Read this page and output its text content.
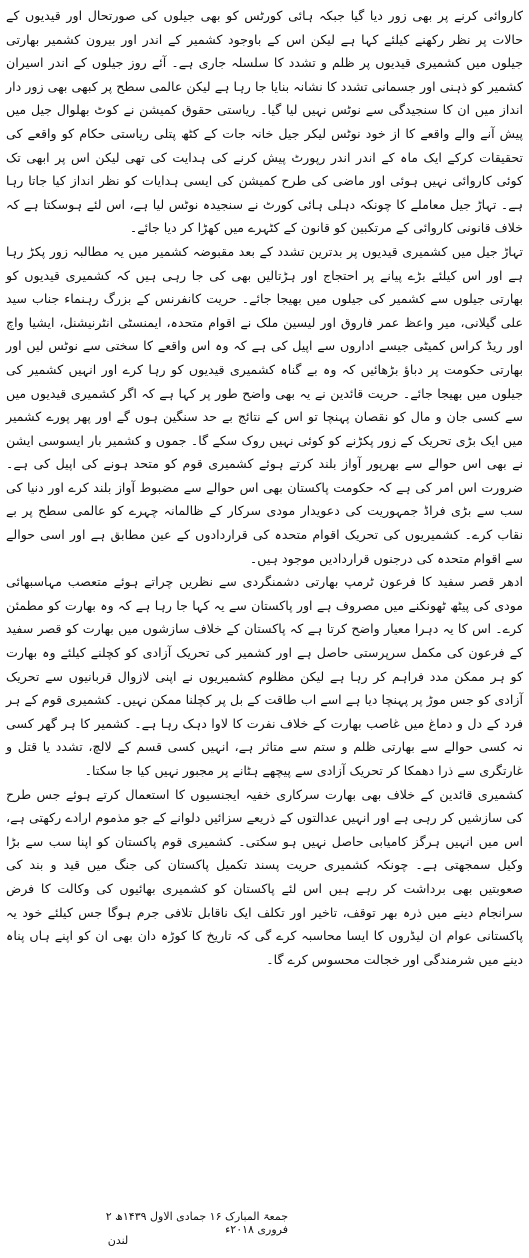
کاروائی کرنے پر بھی زور دیا گیا جبکہ ہائی کورٹس کو بھی جیلوں کی صورتحال اور قیدیوں کے حالات پر نظر رکھنے کیلئے کہا ہے لیکن اس کے باوجود کشمیر کے اندر اور بیرون کشمیر بھارتی جیلوں میں کشمیری قیدیوں پر ظلم و تشدد کا سلسلہ جاری ہے۔ آئے روز جیلوں کے اندر اسیران کشمیر کو ذہنی اور جسمانی تشدد کا نشانہ بنایا جا رہا ہے لیکن عالمی سطح پر کبھی بھی زور دار انداز میں ان کا سنجیدگی سے نوٹس نہیں لیا گیا۔ ریاستی حقوق کمیشن نے کوٹ بھلوال جیل میں پیش آنے والے واقعے کا از خود نوٹس لیکر جیل خانہ جات کے کٹھ پتلی ریاستی حکام کو واقعے کی تحقیقات کرکے ایک ماہ کے اندر اندر رپورٹ پیش کرنے کی ہدایت کی تھی لیکن اس پر ابھی تک کوئی کاروائی نہیں ہوئی اور ماضی کی طرح کمیشن کی ایسی ہدایات کو نظر انداز کیا جاتا رہا ہے۔ تہاڑ جیل معاملے کا چونکہ دہلی ہائی کورٹ نے سنجیدہ نوٹس لیا ہے، اس لئے ہوسکتا ہے کہ خلاف قانونی کاروائی کے مرتکبین کو قانون کے کٹہرے میں کھڑا کر دیا جائے۔

تہاڑ جیل میں کشمیری قیدیوں پر بدترین تشدد کے بعد مقبوضہ کشمیر میں یہ مطالبہ زور پکڑ رہا ہے اور اس کیلئے بڑے پیانے پر احتجاج اور ہڑتالیں بھی کی جا رہی ہیں کہ کشمیری قیدیوں کو بھارتی جیلوں سے کشمیر کی جیلوں میں بھیجا جائے۔ حریت کانفرنس کے بزرگ رہنماء جناب سید علی گیلانی، میر واعظ عمر فاروق اور لیسین ملک نے اقوام متحدہ، ایمنسٹی انٹرنیشنل، ایشیا واچ اور ریڈ کراس کمیٹی جیسے اداروں سے اپیل کی ہے کہ وہ اس واقعے کا سختی سے نوٹس لیں اور بھارتی حکومت پر دباؤ بڑھائیں کہ وہ بے گناہ کشمیری قیدیوں کو رہا کرے اور انہیں کشمیر کی جیلوں میں بھیجا جائے۔ حریت قائدین نے یہ بھی واضح طور پر کہا ہے کہ اگر کشمیری قیدیوں میں سے کسی جان و مال کو نقصان پہنچا تو اس کے نتائج بے حد سنگین ہوں گے اور پھر پورے کشمیر میں ایک بڑی تحریک کے زور پکڑنے کو کوئی نہیں روک سکے گا۔ جموں و کشمیر بار ایسوسی ایشن نے بھی اس حوالے سے بھرپور آواز بلند کرتے ہوئے کشمیری قوم کو متحد ہونے کی اپیل کی ہے۔ ضرورت اس امر کی ہے کہ حکومت پاکستان بھی اس حوالے سے مضبوط آواز بلند کرے اور دنیا کی سب سے بڑی فراڈ جمہوریت کی دعویدار مودی سرکار کے ظالمانہ چہرے کو عالمی سطح پر بے نقاب کرے۔ کشمیریوں کی تحریک اقوام متحدہ کی قراردادوں کے عین مطابق ہے اور اسی حوالے سے اقوام متحدہ کی درجنوں قراردادیں موجود ہیں۔

ادھر قصر سفید کا فرعون ٹرمپ بھارتی دشمنگردی سے نظریں چراتے ہوئے متعصب مہاسبھائی مودی کی پیٹھ ٹھونکنے میں مصروف ہے اور پاکستان سے یہ کہا جا رہا ہے کہ وہ بھارت کو مطمئن کرے۔ اس کا یہ دہرا معیار واضح کرتا ہے کہ پاکستان کے خلاف سازشوں میں بھارت کو قصر سفید کے فرعون کی مکمل سرپرستی حاصل ہے اور کشمیر کی تحریک آزادی کو کچلنے کیلئے وہ بھارت کو ہر ممکن مدد فراہم کر رہا ہے لیکن مظلوم کشمیریوں نے اپنی لازوال قربانیوں سے تحریک آزادی کو جس موڑ پر پہنچا دیا ہے اسے اب طاقت کے بل پر کچلنا ممکن نہیں۔ کشمیری قوم کے ہر فرد کے دل و دماغ میں غاصب بھارت کے خلاف نفرت کا لاوا دہک رہا ہے۔ کشمیر کا ہر گھر کسی نہ کسی حوالے سے بھارتی ظلم و ستم سے متاثر ہے، انہیں کسی قسم کے لالچ، تشدد یا قتل و غارتگری سے ذرا دھمکا کر تحریک آزادی سے پیچھے ہٹانے پر مجبور نہیں کیا جا سکتا۔

کشمیری قائدین کے خلاف بھی بھارت سرکاری خفیہ ایجنسیوں کا استعمال کرتے ہوئے جس طرح کی سازشیں کر رہی ہے اور انہیں عدالتوں کے ذریعے سزائیں دلوانے کے جو مذموم ارادے رکھتی ہے، اس میں انہیں ہرگز کامیابی حاصل نہیں ہو سکتی۔ کشمیری قوم پاکستان کو اپنا سب سے بڑا وکیل سمجھتی ہے۔ چونکہ کشمیری حریت پسند تکمیل پاکستان کی جنگ میں قید و بند کی صعوبتیں بھی برداشت کر رہے ہیں اس لئے پاکستان کو کشمیری بھائیوں کی وکالت کا فرض سرانجام دینے میں ذرہ بھر توقف، تاخیر اور تکلف ایک ناقابل تلافی جرم ہوگا جس کیلئے خود یہ پاکستانی عوام ان لیڈروں کا ایسا محاسبہ کرے گی کہ تاریخ کا کوڑہ دان بھی ان کو اپنے ہاں پناہ دینے میں شرمندگی اور خجالت محسوس کرے گا۔

جمعۃ المبارک ۱۶ جمادی الاول ۱۴۳۹ھ ۲ فروری ۲۰۱۸ء
لندن
